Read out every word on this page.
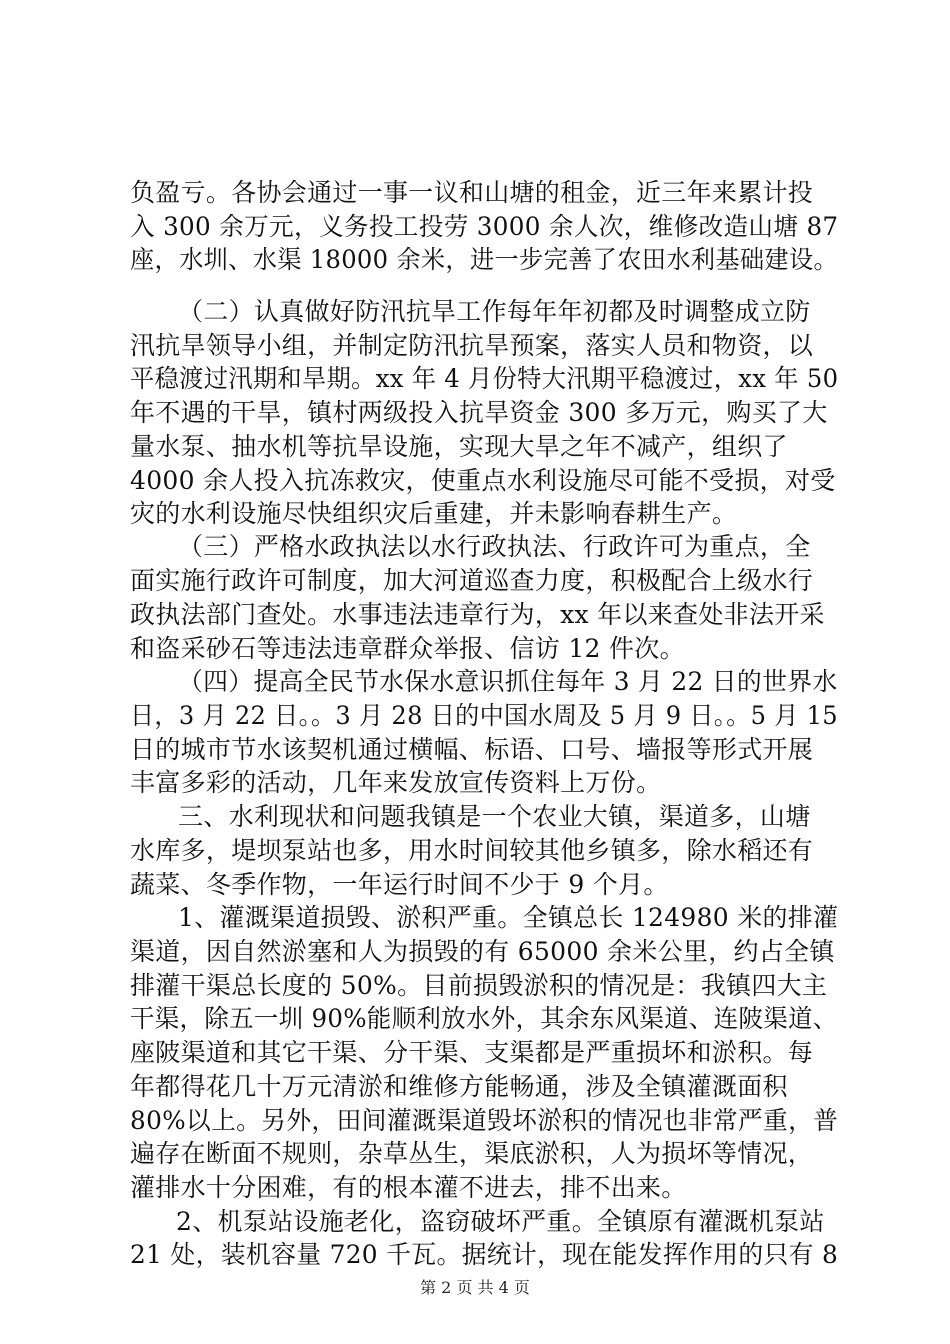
负盈亏。各协会通过一事一议和山塘的租金，近三年来累计投
入 300 余万元，义务投工投劳 3000 余人次，维修改造山塘 87
座，水圳、水渠 18000 余米，进一步完善了农田水利基础建设。
（二）认真做好防汛抗旱工作每年年初都及时调整成立防
汛抗旱领导小组，并制定防汛抗旱预案，落实人员和物资，以
平稳渡过汛期和旱期。xx 年 4 月份特大汛期平稳渡过，xx 年 50
年不遇的干旱，镇村两级投入抗旱资金 300 多万元，购买了大
量水泵、抽水机等抗旱设施，实现大旱之年不减产，组织了
4000 余人投入抗冻救灾，使重点水利设施尽可能不受损，对受
灾的水利设施尽快组织灾后重建，并未影响春耕生产。
（三）严格水政执法以水行政执法、行政许可为重点，全
面实施行政许可制度，加大河道巡查力度，积极配合上级水行
政执法部门查处。水事违法违章行为，xx 年以来查处非法开采
和盗采砂石等违法违章群众举报、信访 12 件次。
（四）提高全民节水保水意识抓住每年 3 月 22 日的世界水
日，3 月 22 日。。3 月 28 日的中国水周及 5 月 9 日。。5 月 15
日的城市节水该契机通过横幅、标语、口号、墙报等形式开展
丰富多彩的活动，几年来发放宣传资料上万份。
三、水利现状和问题我镇是一个农业大镇，渠道多，山塘
水库多，堤坝泵站也多，用水时间较其他乡镇多，除水稻还有
蔬菜、冬季作物，一年运行时间不少于 9 个月。
1、灌溉渠道损毁、淤积严重。全镇总长 124980 米的排灌
渠道，因自然淤塞和人为损毁的有 65000 余米公里，约占全镇
排灌干渠总长度的 50%。目前损毁淤积的情况是：我镇四大主
干渠，除五一圳 90%能顺利放水外，其余东风渠道、连陂渠道、
座陂渠道和其它干渠、分干渠、支渠都是严重损坏和淤积。每
年都得花几十万元清淤和维修方能畅通，涉及全镇灌溉面积
80%以上。另外，田间灌溉渠道毁坏淤积的情况也非常严重，普
遍存在断面不规则，杂草丛生，渠底淤积，人为损坏等情况，
灌排水十分困难，有的根本灌不进去，排不出来。
2、机泵站设施老化，盗窃破坏严重。全镇原有灌溉机泵站
21 处，装机容量 720 千瓦。据统计，现在能发挥作用的只有 8
第 2 页 共 4 页
